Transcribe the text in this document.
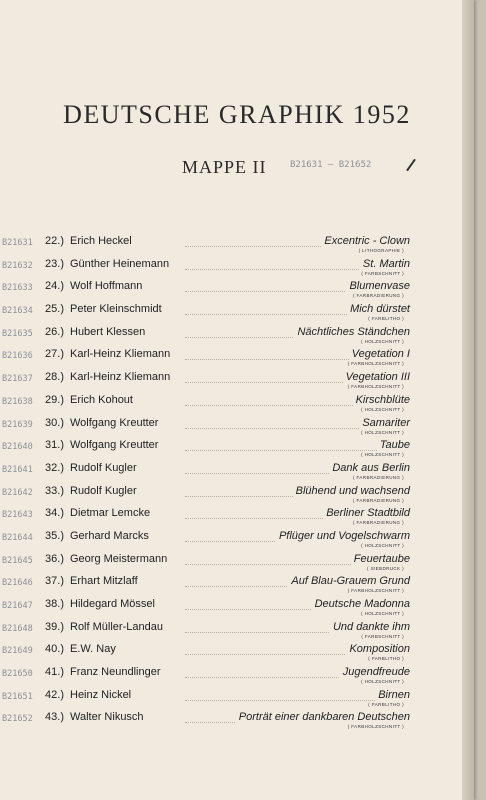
DEUTSCHE GRAPHIK 1952
MAPPE II	B21631 — B21652
B21631	22.) Erich Heckel	Excentric - Clown
( LITHOGRAPHIE )
B21632	23.) Günther Heinemann	St. Martin
( FARBSCHNITT )
B21633	24.) Wolf Hoffmann	Blumenvase
( FARBRADIERUNG )
B21634	25.) Peter Kleinschmidt	Mich dürstet
( FARBLITHO )
B21635	26.) Hubert Klessen	Nächtliches Ständchen
( HOLZSCHNITT )
B21636	27.) Karl-Heinz Kliemann	Vegetation I
( FARBHOLZSCHNITT )
B21637	28.) Karl-Heinz Kliemann	Vegetation III
( FARBHOLZSCHNITT )
B21638	29.) Erich Kohout	Kirschblüte
( HOLZSCHNITT )
B21639	30.) Wolfgang Kreutter	Samariter
( HOLZSCHNITT )
B21640	31.) Wolfgang Kreutter	Taube
( HOLZSCHNITT )
B21641	32.) Rudolf Kugler	Dank aus Berlin
( FARBRADIERUNG )
B21642	33.) Rudolf Kugler	Blühend und wachsend
( FARBRADIERUNG )
B21643	34.) Dietmar Lemcke	Berliner Stadtbild
( FARBRADIERUNG )
B21644	35.) Gerhard Marcks	Pflüger und Vogelschwarm
( HOLZSCHNITT )
B21645	36.) Georg Meistermann	Feuertaube
( SIEBDRUCK )
B21646	37.) Erhart Mitzlaff	Auf Blau-Grauem Grund
( FARBHOLZSCHNITT )
B21647	38.) Hildegard Mössel	Deutsche Madonna
( HOLZSCHNITT )
B21648	39.) Rolf Müller-Landau	Und dankte ihm
( FARBSCHNITT )
B21649	40.) E.W. Nay	Komposition
( FARBLITHO )
B21650	41.) Franz Neundlinger	Jugendfreude
( HOLZSCHNITT )
B21651	42.) Heinz Nickel	Birnen
( FARBLITHO )
B21652	43.) Walter Nikusch	Porträt einer dankbaren Deutschen
( FARBHOLZSCHNITT )
